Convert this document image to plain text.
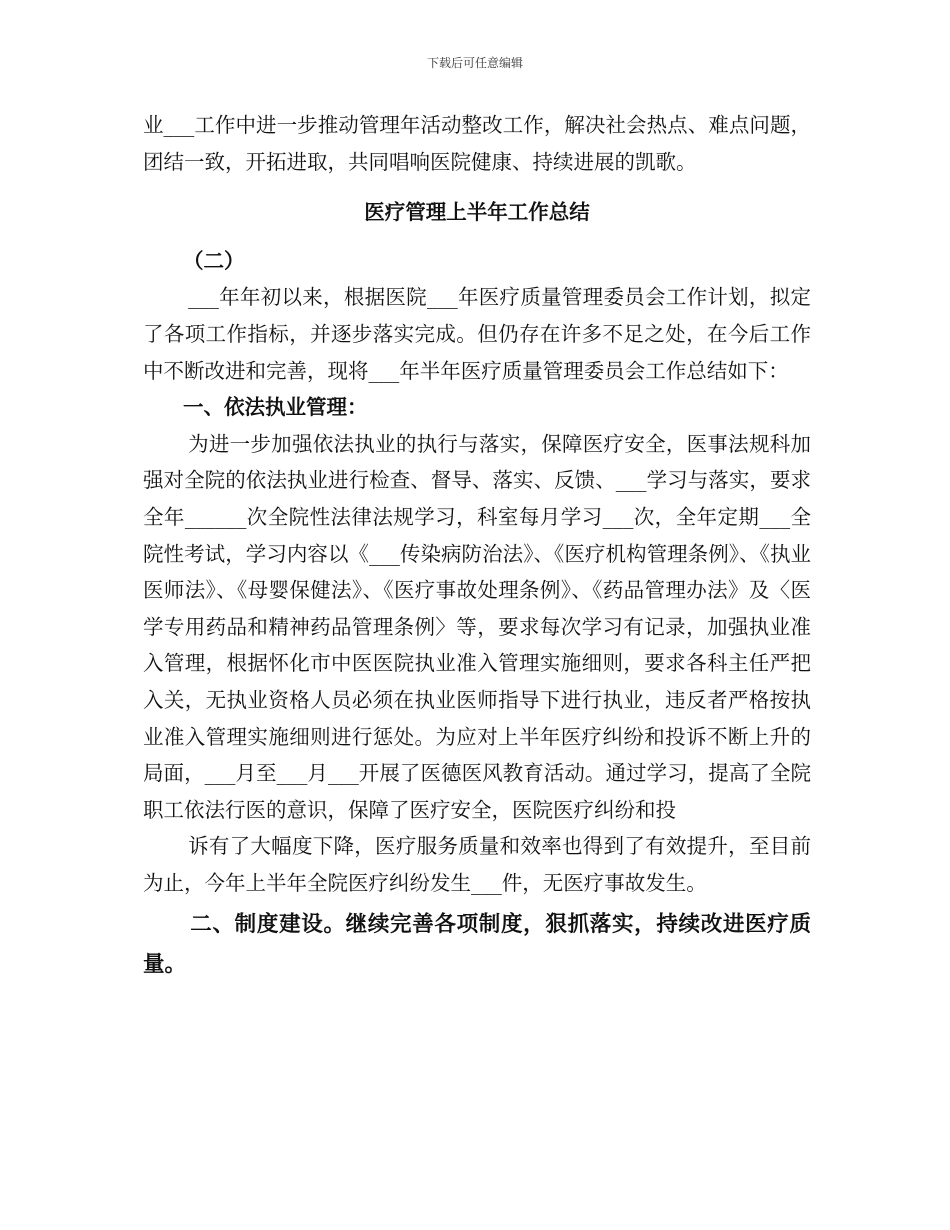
下载后可任意编辑

业___工作中进一步推动管理年活动整改工作，解决社会热点、难点问题，团结一致，开拓进取，共同唱响医院健康、持续进展的凯歌。

医疗管理上半年工作总结

（二）

___年年初以来，根据医院___年医疗质量管理委员会工作计划，拟定了各项工作指标，并逐步落实完成。但仍存在许多不足之处，在今后工作中不断改进和完善，现将___年半年医疗质量管理委员会工作总结如下：

一、依法执业管理：

为进一步加强依法执业的执行与落实，保障医疗安全，医事法规科加强对全院的依法执业进行检查、督导、落实、反馈、___学习与落实，要求全年______次全院性法律法规学习，科室每月学习___次，全年定期___全院性考试，学习内容以《___传染病防治法》、《医疗机构管理条例》、《执业医师法》、《母婴保健法》、《医疗事故处理条例》、《药品管理办法》及〈医学专用药品和精神药品管理条例〉等，要求每次学习有记录，加强执业准入管理，根据怀化市中医医院执业准入管理实施细则，要求各科主任严把入关，无执业资格人员必须在执业医师指导下进行执业，违反者严格按执业准入管理实施细则进行惩处。为应对上半年医疗纠纷和投诉不断上升的局面，___月至___月___开展了医德医风教育活动。通过学习，提高了全院职工依法行医的意识，保障了医疗安全，医院医疗纠纷和投

诉有了大幅度下降，医疗服务质量和效率也得到了有效提升，至目前为止，今年上半年全院医疗纠纷发生___件，无医疗事故发生。

二、制度建设。继续完善各项制度，狠抓落实，持续改进医疗质量。
